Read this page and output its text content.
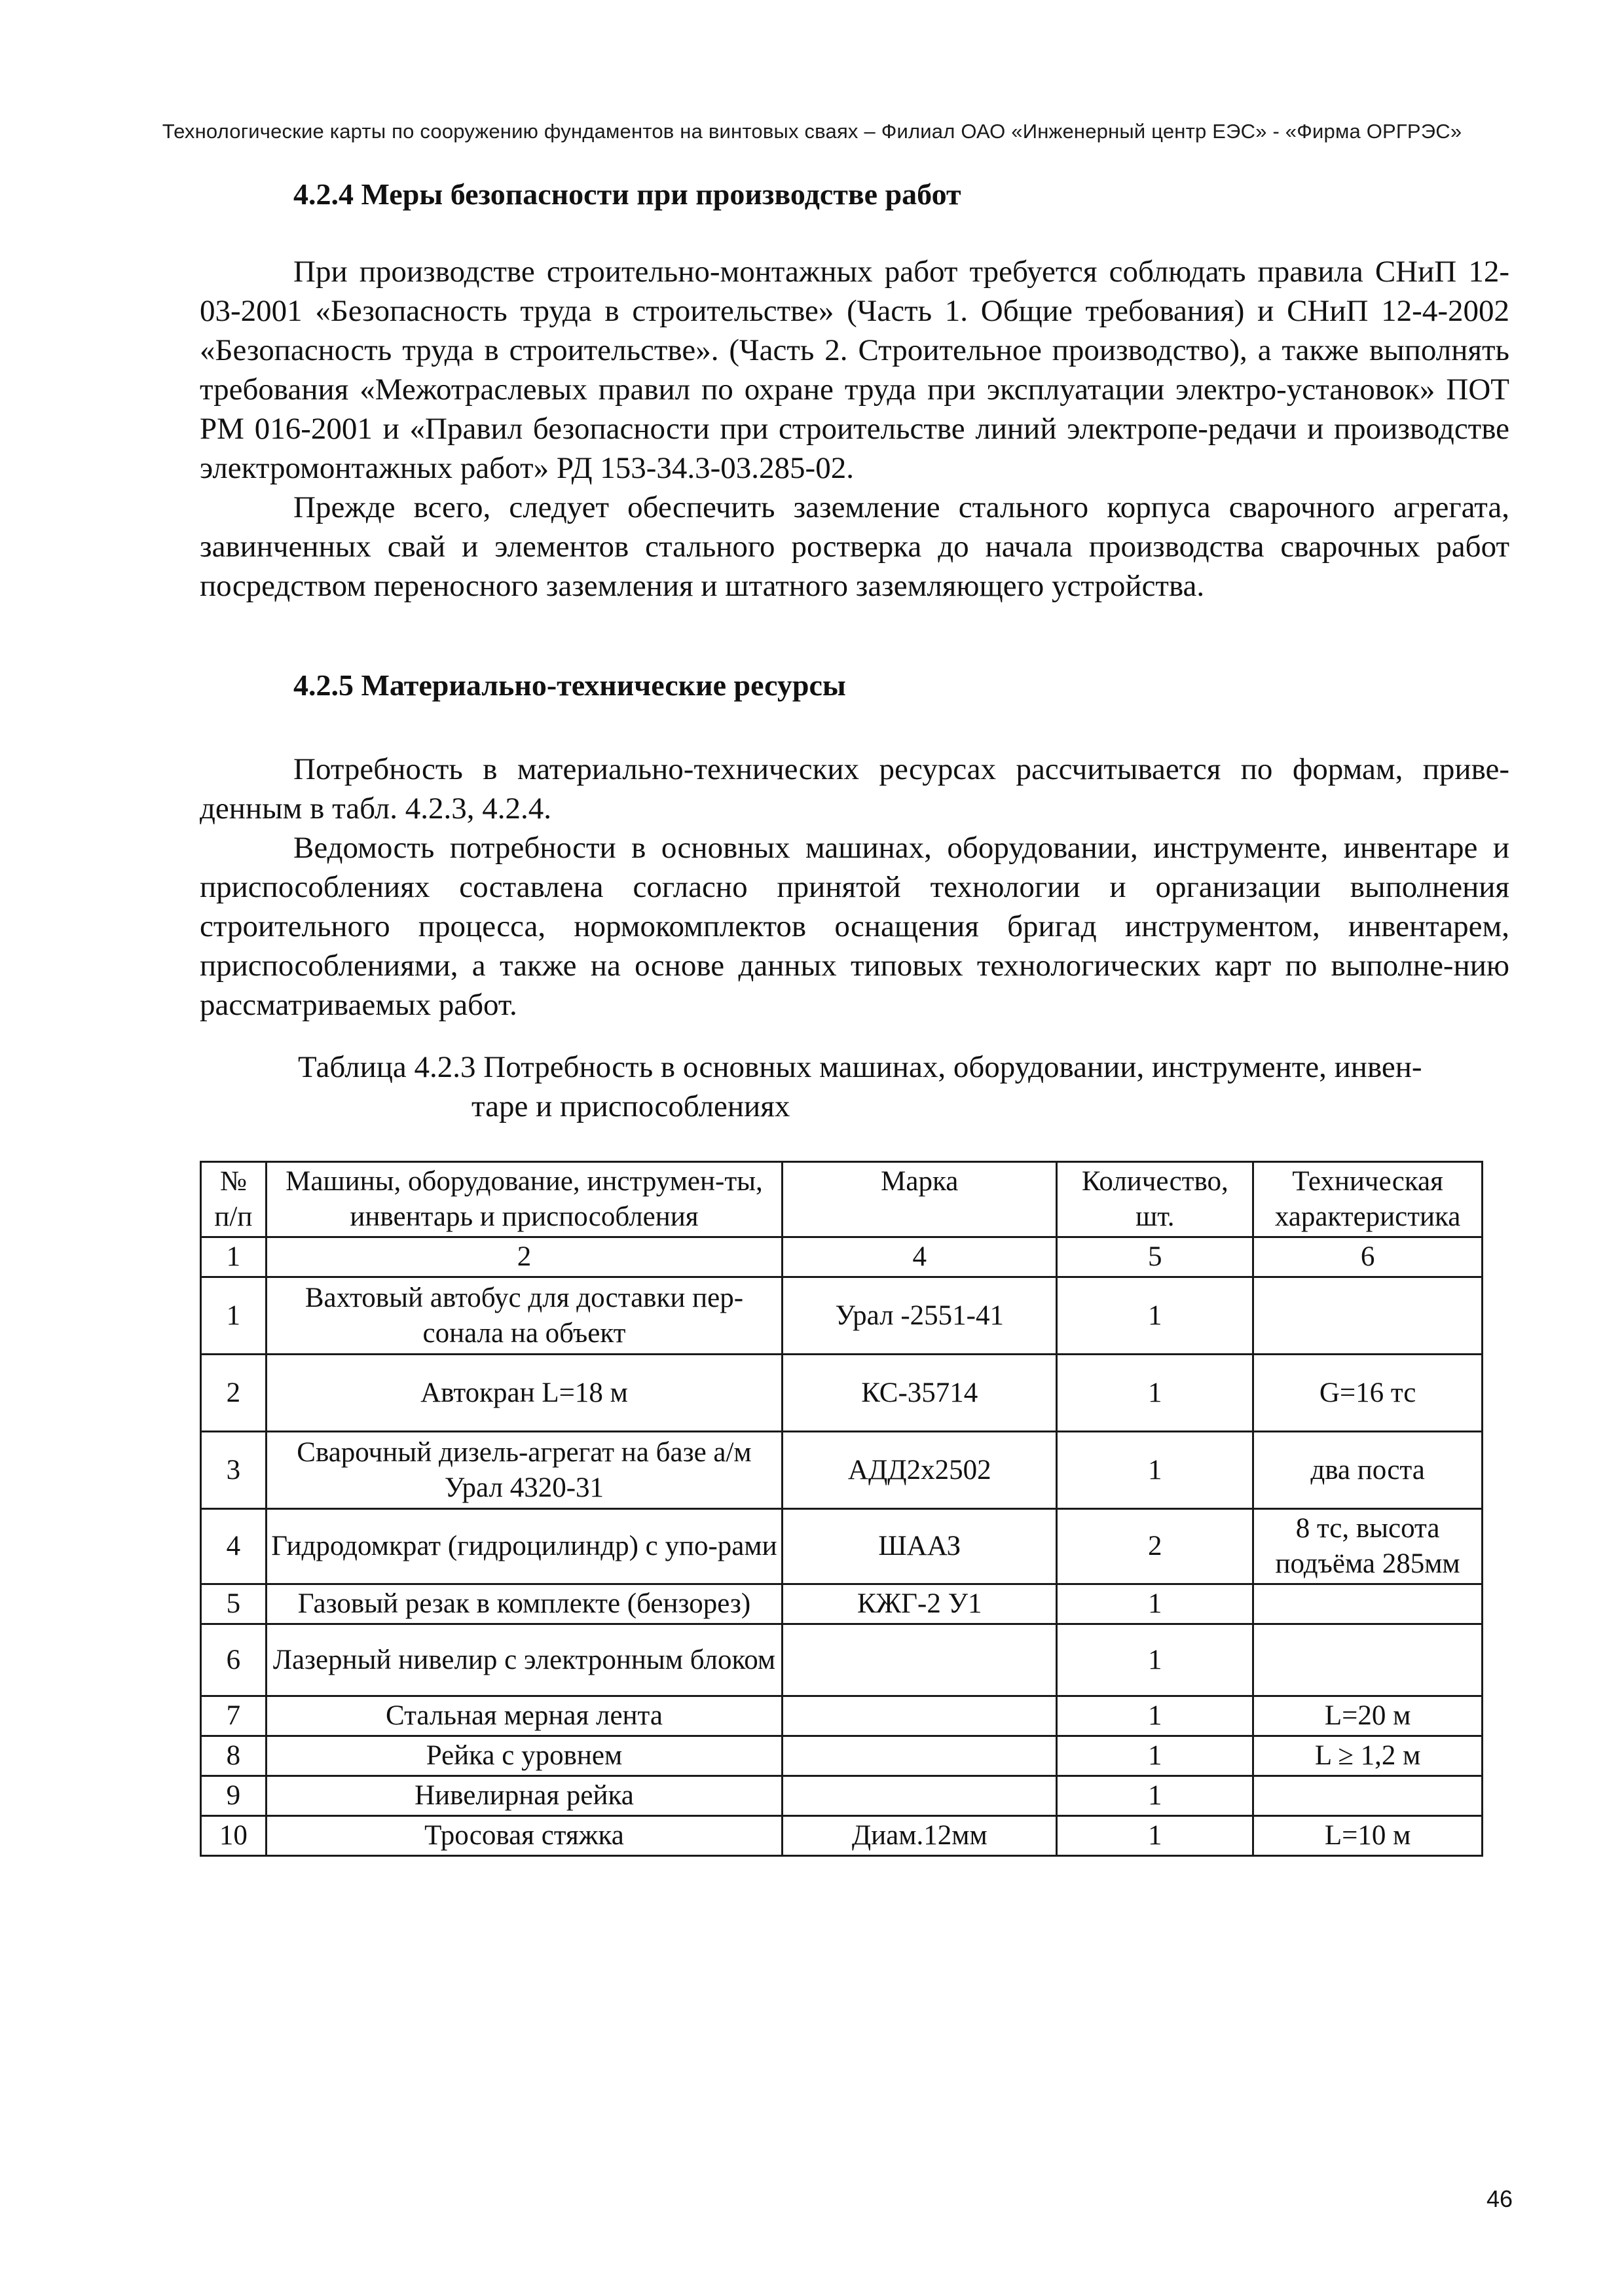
Технологические карты по сооружению фундаментов на винтовых сваях – Филиал ОАО «Инженерный центр ЕЭС» - «Фирма ОРГРЭС»
4.2.4 Меры безопасности при производстве работ

При производстве строительно-монтажных работ требуется соблюдать правила СНиП 12-03-2001 «Безопасность труда в строительстве» (Часть 1. Общие требования) и СНиП 12-4-2002 «Безопасность труда в строительстве». (Часть 2. Строительное производство), а также выполнять требования «Межотраслевых правил по охране труда при эксплуатации электро-установок» ПОТ РМ 016-2001 и «Правил безопасности при строительстве линий электропе-редачи и производстве электромонтажных работ» РД 153-34.3-03.285-02.

Прежде всего, следует обеспечить заземление стального корпуса сварочного агрегата, завинченных свай и элементов стального ростверка до начала производства сварочных работ посредством переносного заземления и штатного заземляющего устройства.

4.2.5 Материально-технические ресурсы

Потребность в материально-технических ресурсах рассчитывается по формам, приве-денным в табл. 4.2.3, 4.2.4.

Ведомость потребности в основных машинах, оборудовании, инструменте, инвентаре и приспособлениях составлена согласно принятой технологии и организации выполнения строительного процесса, нормокомплектов оснащения бригад инструментом, инвентарем, приспособлениями, а также на основе данных типовых технологических карт по выполне-нию рассматриваемых работ.

Таблица 4.2.3 Потребность в основных машинах, оборудовании, инструменте, инвен-
таре и приспособлениях

№ п/п	Машины, оборудование, инструмен-ты, инвентарь и приспособления	Марка	Количество, шт.	Техническая характеристика
1	2	4	5	6
1	Вахтовый автобус для доставки пер-сонала на объект	Урал -2551-41	1	
2	Автокран L=18 м	КС-35714	1	G=16 тс
3	Сварочный дизель-агрегат на базе а/м Урал 4320-31	АДД2х2502	1	два поста
4	Гидродомкрат (гидроцилиндр) с упо-рами	ШААЗ	2	8 тс, высота подъёма 285мм
5	Газовый резак в комплекте (бензорез)	КЖГ-2 У1	1	
6	Лазерный нивелир с электронным блоком		1	
7	Стальная мерная лента		1	L=20 м
8	Рейка с уровнем		1	L ≥ 1,2 м
9	Нивелирная рейка		1	
10	Тросовая стяжка	Диам.12мм	1	L=10 м
46
